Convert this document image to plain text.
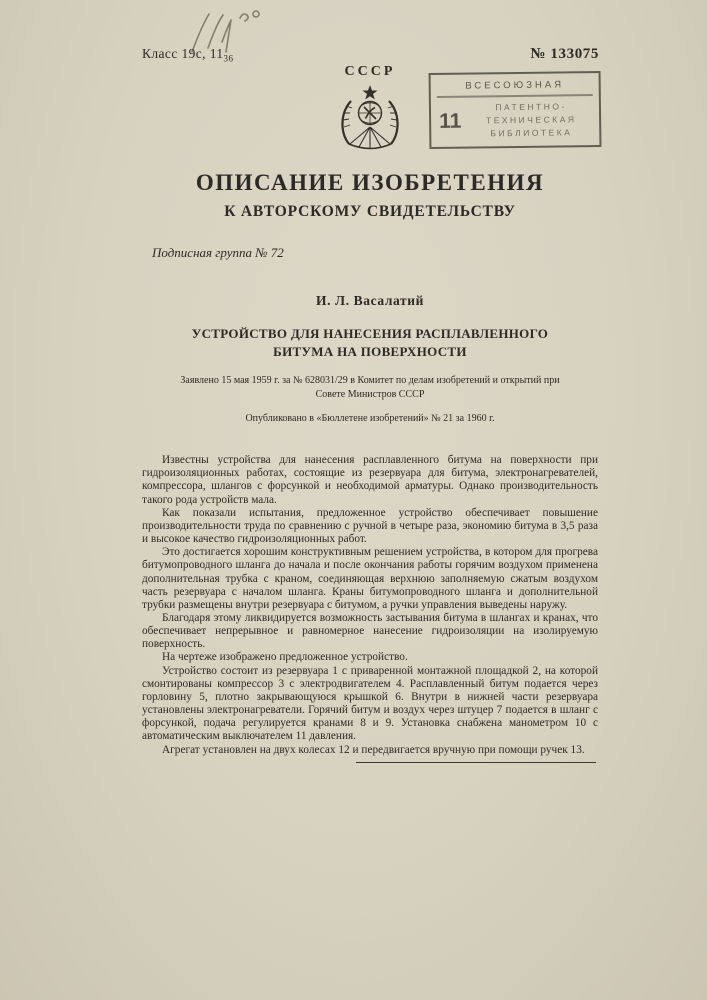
Класс 19с, $11_{36}$	№ 133075
СССР
ВСЕСОЮЗНАЯ
11
ПАТЕНТНО-
ТЕХНИЧЕСКАЯ
БИБЛИОТЕКА
ОПИСАНИЕ ИЗОБРЕТЕНИЯ
К АВТОРСКОМУ СВИДЕТЕЛЬСТВУ
Подписная группа № 72
И. Л. Васалатий
УСТРОЙСТВО ДЛЯ НАНЕСЕНИЯ РАСПЛАВЛЕННОГО БИТУМА НА ПОВЕРХНОСТИ
Заявлено 15 мая 1959 г. за № 628031/29 в Комитет по делам изобретений и открытий при Совете Министров СССР
Опубликовано в «Бюллетене изобретений» № 21 за 1960 г.

Известны устройства для нанесения расплавленного битума на поверхности при гидроизоляционных работах, состоящие из резервуара для битума, электронагревателей, компрессора, шлангов с форсункой и необходимой арматуры. Однако производительность такого рода устройств мала.

Как показали испытания, предложенное устройство обеспечивает повышение производительности труда по сравнению с ручной в четыре раза, экономию битума в 3,5 раза и высокое качество гидроизоляционных работ.

Это достигается хорошим конструктивным решением устройства, в котором для прогрева битумопроводного шланга до начала и после окончания работы горячим воздухом применена дополнительная трубка с краном, соединяющая верхнюю заполняемую сжатым воздухом часть резервуара с началом шланга. Краны битумопроводного шланга и дополнительной трубки размещены внутри резервуара с битумом, а ручки управления выведены наружу.

Благодаря этому ликвидируется возможность застывания битума в шлангах и кранах, что обеспечивает непрерывное и равномерное нанесение гидроизоляции на изолируемую поверхность.

На чертеже изображено предложенное устройство.

Устройство состоит из резервуара 1 с приваренной монтажной площадкой 2, на которой смонтированы компрессор 3 с электродвигателем 4. Расплавленный битум подается через горловину 5, плотно закрывающуюся крышкой 6. Внутри в нижней части резервуара установлены электронагреватели. Горячий битум и воздух через штуцер 7 подается в шланг с форсункой, подача регулируется кранами 8 и 9. Установка снабжена манометром 10 с автоматическим выключателем 11 давления.

Агрегат установлен на двух колесах 12 и передвигается вручную при помощи ручек 13.
